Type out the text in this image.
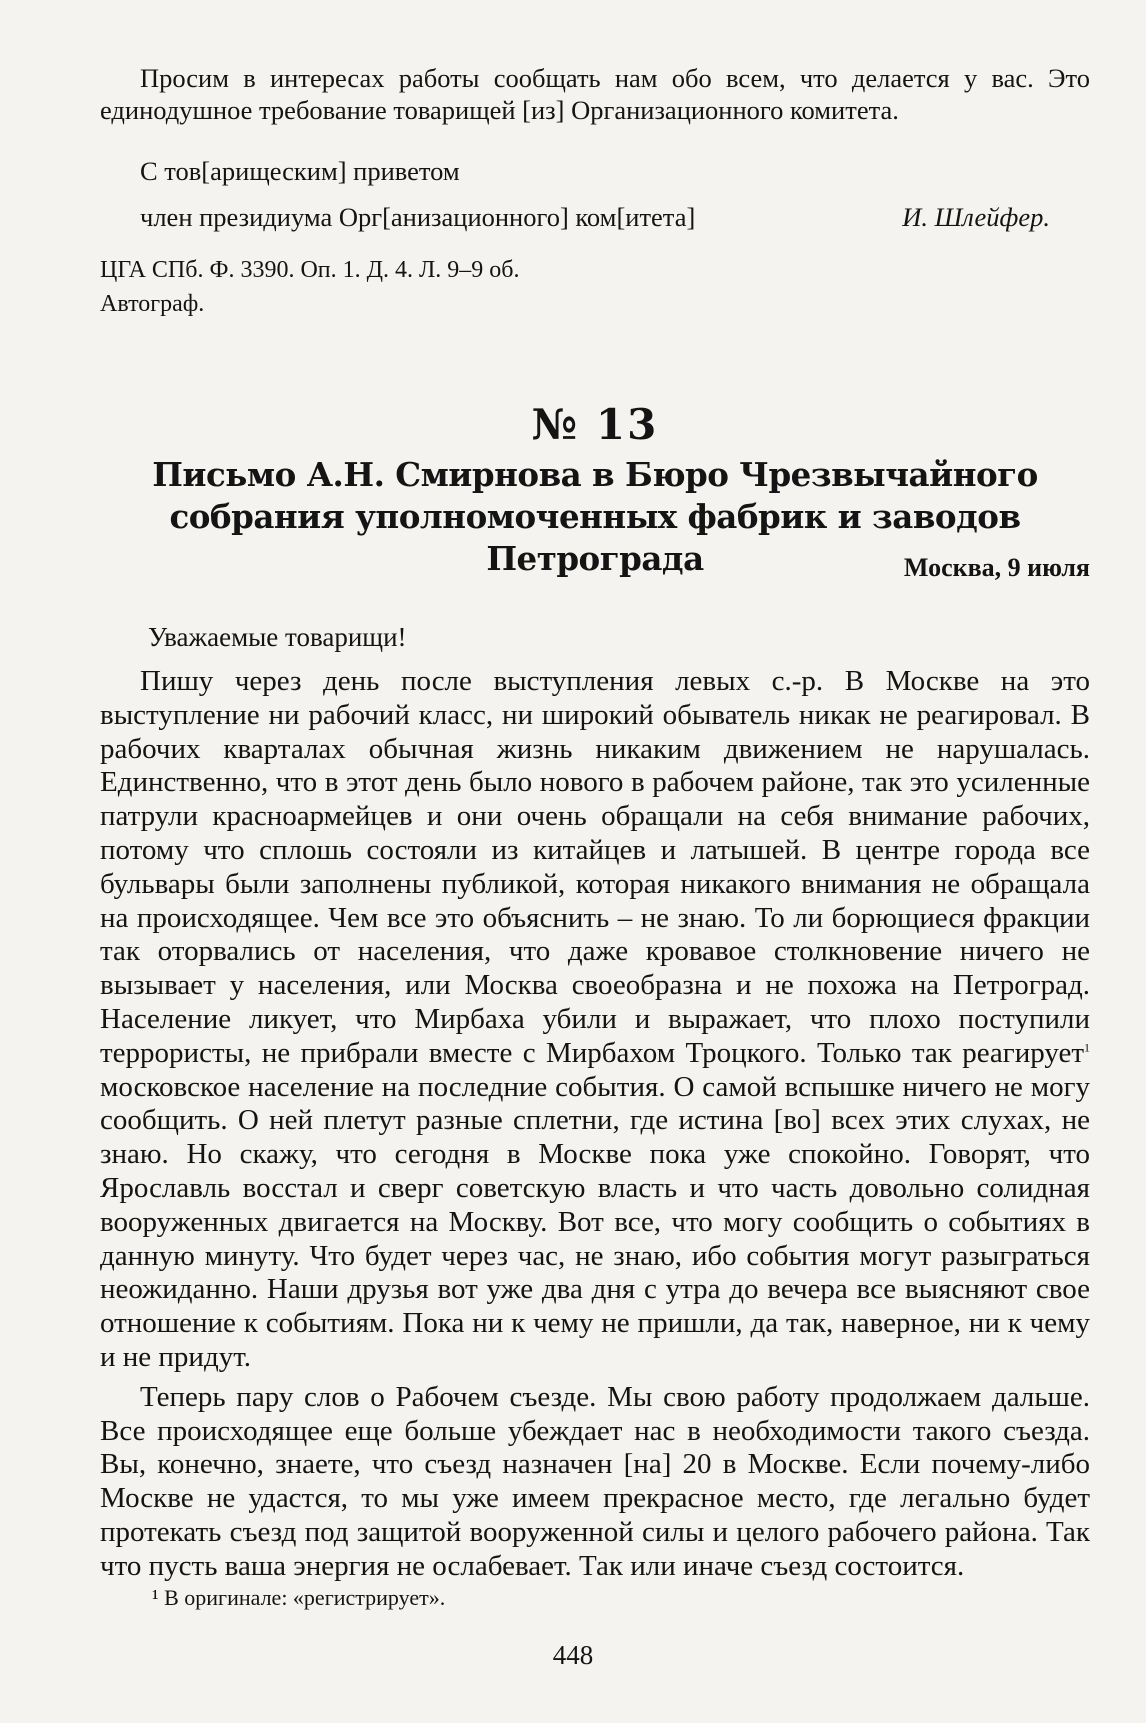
Просим в интересах работы сообщать нам обо всем, что делается у вас. Это единодушное требование товарищей [из] Организационного комитета.

С тов[арищеским] приветом
член президиума Орг[анизационного] ком[итета]	И. Шлейфер.
ЦГА СПб. Ф. 3390. Оп. 1. Д. 4. Л. 9–9 об.
Автограф.
№ 13
Письмо А.Н. Смирнова в Бюро Чрезвычайного собрания уполномоченных фабрик и заводов Петрограда	Москва, 9 июля
Уважаемые товарищи!

Пишу через день после выступления левых с.-р. В Москве на это выступление ни рабочий класс, ни широкий обыватель никак не реагировал. В рабочих кварталах обычная жизнь никаким движением не нарушалась. Единственно, что в этот день было нового в рабочем районе, так это усиленные патрули красноармейцев и они очень обращали на себя внимание рабочих, потому что сплошь состояли из китайцев и латышей. В центре города все бульвары были заполнены публикой, которая никакого внимания не обращала на происходящее. Чем все это объяснить – не знаю. То ли борющиеся фракции так оторвались от населения, что даже кровавое столкновение ничего не вызывает у населения, или Москва своеобразна и не похожа на Петроград. Население ликует, что Мирбаха убили и выражает, что плохо поступили террористы, не прибрали вместе с Мирбахом Троцкого. Только так реагирует$^1$ московское население на последние события. О самой вспышке ничего не могу сообщить. О ней плетут разные сплетни, где истина [во] всех этих слухах, не знаю. Но скажу, что сегодня в Москве пока уже спокойно. Говорят, что Ярославль восстал и сверг советскую власть и что часть довольно солидная вооруженных двигается на Москву. Вот все, что могу сообщить о событиях в данную минуту. Что будет через час, не знаю, ибо события могут разыграться неожиданно. Наши друзья вот уже два дня с утра до вечера все выясняют свое отношение к событиям. Пока ни к чему не пришли, да так, наверное, ни к чему и не придут.

Теперь пару слов о Рабочем съезде. Мы свою работу продолжаем дальше. Все происходящее еще больше убеждает нас в необходимости такого съезда. Вы, конечно, знаете, что съезд назначен [на] 20 в Москве. Если почему-либо Москве не удастся, то мы уже имеем прекрасное место, где легально будет протекать съезд под защитой вооруженной силы и целого рабочего района. Так что пусть ваша энергия не ослабевает. Так или иначе съезд состоится.

¹ В оригинале: «регистрирует».
448
